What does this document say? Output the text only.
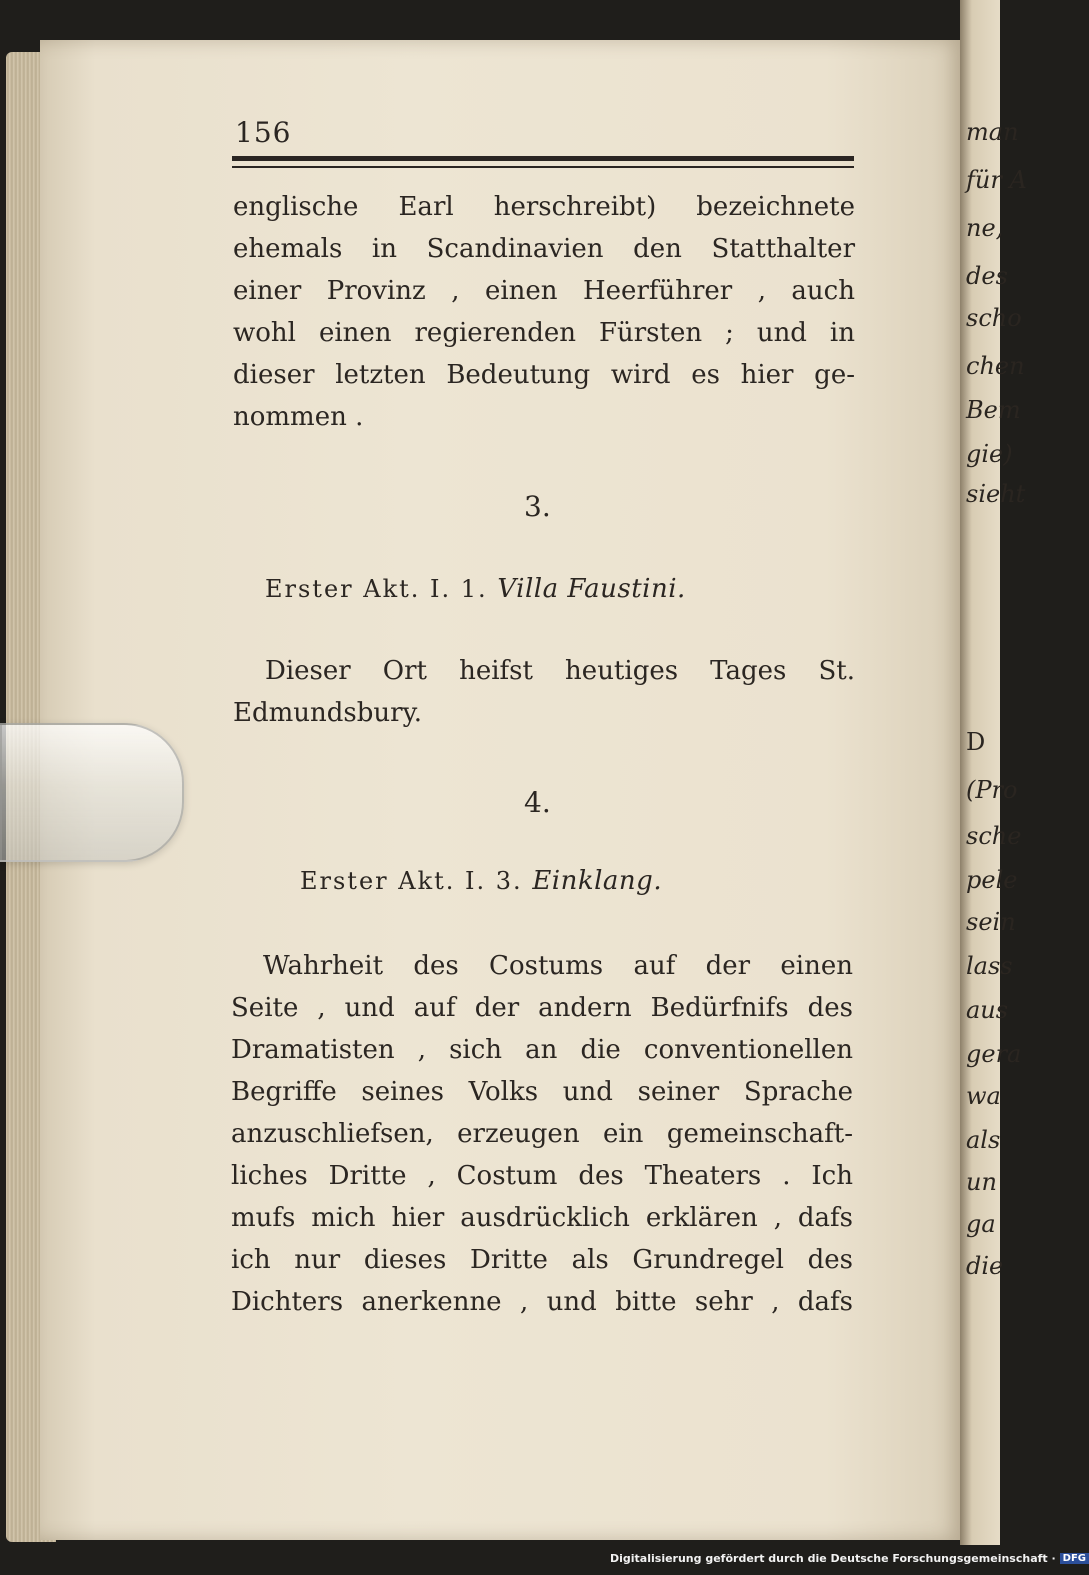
man
für A
ne,
des
scho
chen
Bem
gie)
sieht
D
(Pro
sche
pele
sein
lass
aus
gera
wa
als
un
ga
die
156
englische Earl herschreibt) bezeichnete
ehemals in Scandinavien den Statthalter
einer Provinz , einen Heerführer , auch
wohl einen regierenden Fürsten ; und in
dieser letzten Bedeutung wird es hier ge-
nommen .
3.
Erster Akt. I. 1. Villa Faustini.
Dieser Ort heifst heutiges Tages St.
Edmundsbury.
4.
Erster Akt. I. 3. Einklang.
Wahrheit des Costums auf der einen
Seite , und auf der andern Bedürfnifs des
Dramatisten , sich an die conventionellen
Begriffe seines Volks und seiner Sprache
anzuschliefsen, erzeugen ein gemeinschaft-
liches Dritte , Costum des Theaters . Ich
mufs mich hier ausdrücklich erklären , dafs
ich nur dieses Dritte als Grundregel des
Dichters anerkenne , und bitte sehr , dafs
Digitalisierung gefördert durch die Deutsche Forschungsgemeinschaft · DFG
